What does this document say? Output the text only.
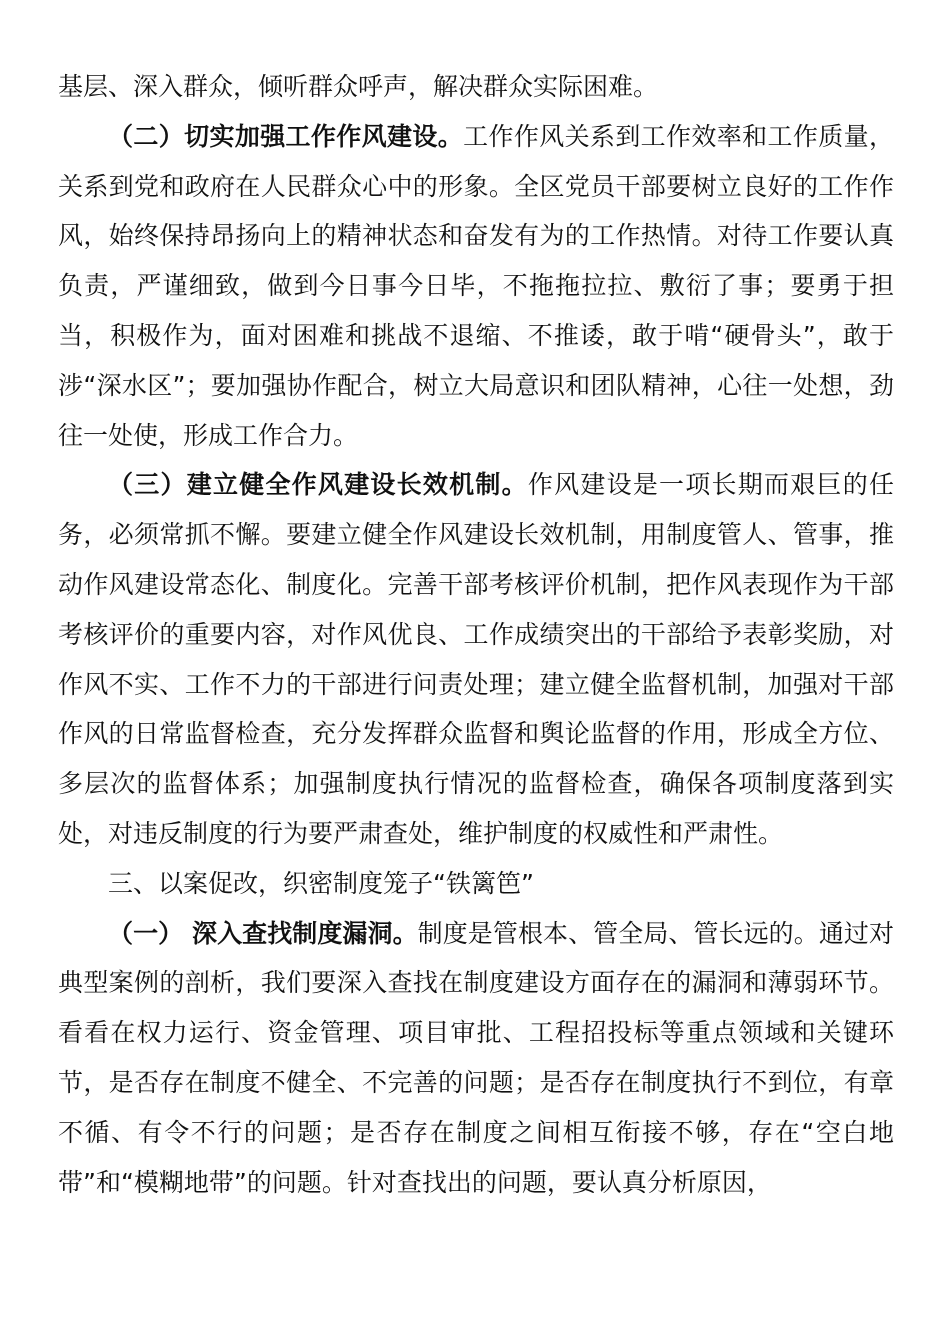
基层、深入群众，倾听群众呼声，解决群众实际困难。

（二）切实加强工作作风建设。工作作风关系到工作效率和工作质量，关系到党和政府在人民群众心中的形象。全区党员干部要树立良好的工作作风，始终保持昂扬向上的精神状态和奋发有为的工作热情。对待工作要认真负责，严谨细致，做到今日事今日毕，不拖拖拉拉、敷衍了事；要勇于担当，积极作为，面对困难和挑战不退缩、不推诿，敢于啃“硬骨头”，敢于涉“深水区”；要加强协作配合，树立大局意识和团队精神，心往一处想，劲往一处使，形成工作合力。

（三）建立健全作风建设长效机制。作风建设是一项长期而艰巨的任务，必须常抓不懈。要建立健全作风建设长效机制，用制度管人、管事，推动作风建设常态化、制度化。完善干部考核评价机制，把作风表现作为干部考核评价的重要内容，对作风优良、工作成绩突出的干部给予表彰奖励，对作风不实、工作不力的干部进行问责处理；建立健全监督机制，加强对干部作风的日常监督检查，充分发挥群众监督和舆论监督的作用，形成全方位、多层次的监督体系；加强制度执行情况的监督检查，确保各项制度落到实处，对违反制度的行为要严肃查处，维护制度的权威性和严肃性。

三、以案促改，织密制度笼子“铁篱笆”

（一） 深入查找制度漏洞。制度是管根本、管全局、管长远的。通过对典型案例的剖析，我们要深入查找在制度建设方面存在的漏洞和薄弱环节。看看在权力运行、资金管理、项目审批、工程招投标等重点领域和关键环节，是否存在制度不健全、不完善的问题；是否存在制度执行不到位，有章不循、有令不行的问题；是否存在制度之间相互衔接不够，存在“空白地带”和“模糊地带”的问题。针对查找出的问题，要认真分析原因，
